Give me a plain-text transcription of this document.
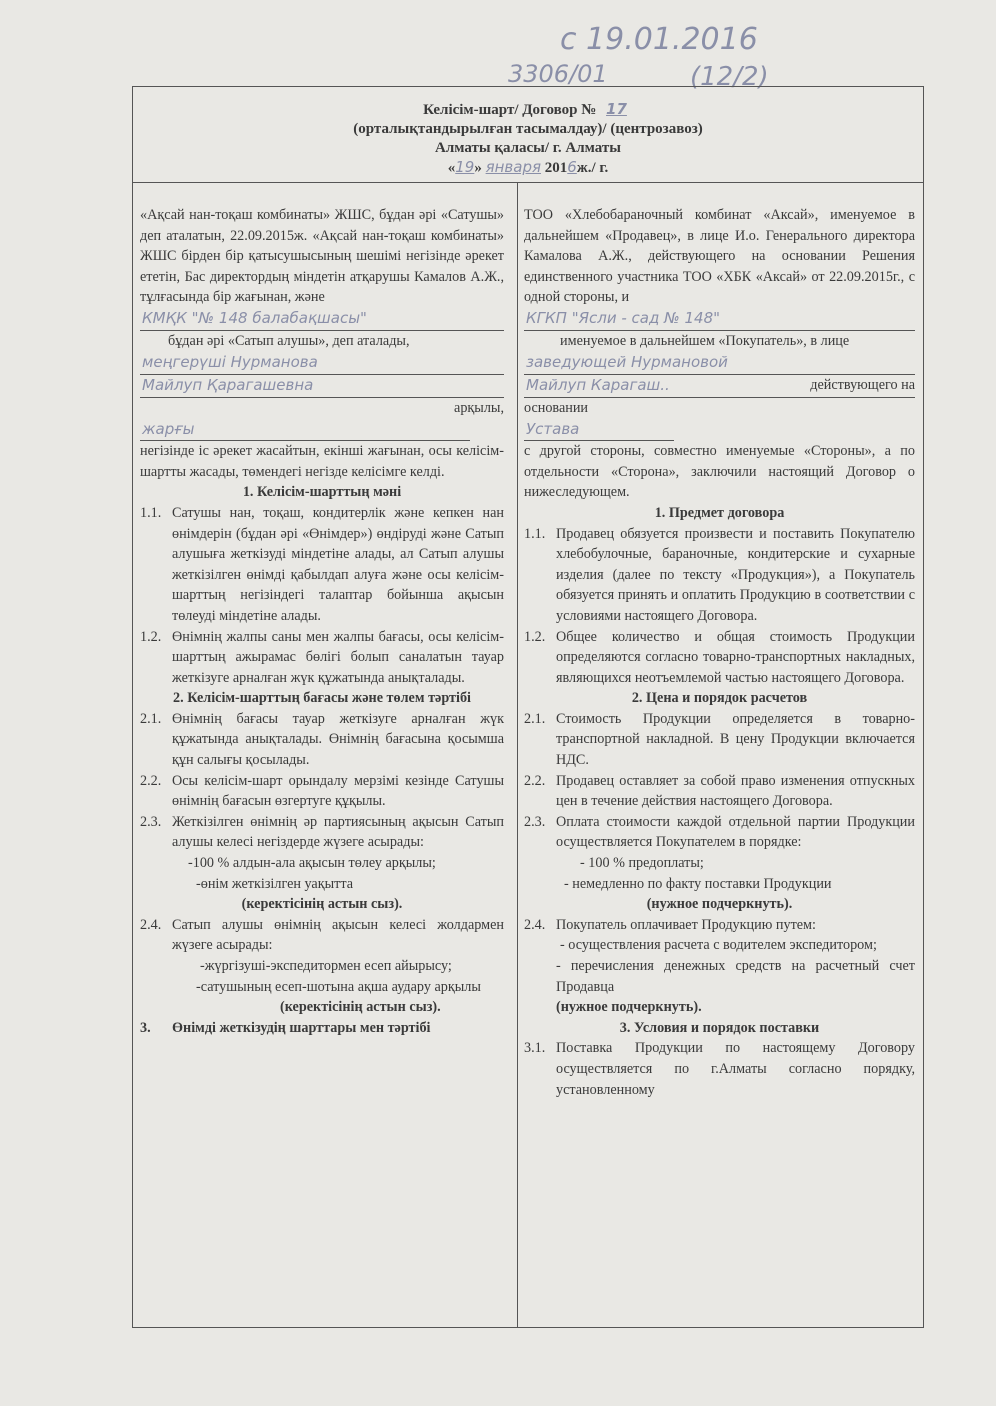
с 19.01.2016
3306/01	(12/2)
Келісім-шарт/ Договор № 17
(орталықтандырылған тасымалдау)/ (центрозавоз)
Алматы қаласы/ г. Алматы
«19» января 2016ж./ г.

«Ақсай нан-тоқаш комбинаты» ЖШС, бұдан әрі «Сатушы» деп аталатын, 22.09.2015ж. «Ақсай нан-тоқаш комбинаты» ЖШС бірден бір қатысушысының шешімі негізінде әрекет ететін, Бас директордың міндетін атқарушы Камалов А.Ж., тұлғасында бір жағынан, және

КМҚК "№ 148 балабақшасы"

бұдан әрі «Сатып алушы», деп аталады,

меңгерүші Нурманова
Майлуп Қарагашевна

арқылы,

жарғы

негізінде іс әрекет жасайтын, екінші жағынан, осы келісім-шартты жасады, төмендегі негізде келісімге келді.

1. Келісім-шарттың мәні

1.1. Сатушы нан, тоқаш, кондитерлік және кепкен нан өнімдерін (бұдан әрі «Өнімдер») өндіруді және Сатып алушыға жеткізуді міндетіне алады, ал Сатып алушы жеткізілген өнімді қабылдап алуға және осы келісім-шарттың негізіндегі талаптар бойынша ақысын төлеуді міндетіне алады.
1.2. Өнімнің жалпы саны мен жалпы бағасы, осы келісім-шарттың ажырамас бөлігі болып саналатын тауар жеткізуге арналған жүк құжатында анықталады.

2. Келісім-шарттың бағасы және төлем тәртібі

2.1. Өнімнің бағасы тауар жеткізуге арналған жүк құжатында анықталады. Өнімнің бағасына қосымша құн салығы қосылады.
2.2. Осы келісім-шарт орындалу мерзімі кезінде Сатушы өнімнің бағасын өзгертуге құқылы.
2.3. Жеткізілген өнімнің әр партиясының ақысын Сатып алушы келесі негіздерде жүзеге асырады:

-100 % алдын-ала ақысын төлеу арқылы;

-өнім жеткізілген уақытта

(керектісінің астын сыз).

2.4. Сатып алушы өнімнің ақысын келесі жолдармен жүзеге асырады:

-жүргізуші-экспедитормен есеп айырысу;

-сатушының есеп-шотына ақша аудару арқылы

(керектісінің астын сыз).

3.	Өнімді жеткізудің шарттары мен тәртібі

ТОО «Хлебобараночный комбинат «Аксай», именуемое в дальнейшем «Продавец», в лице И.о. Генерального директора Камалова А.Ж., действующего на основании Решения единственного участника ТОО «ХБК «Аксай» от 22.09.2015г., с одной стороны, и

КГКП "Ясли - сад № 148"

именуемое в дальнейшем «Покупатель», в лице

заведующей Нурмановой
Майлуп Карагаш..	действующего на

основании

Устава

с другой стороны, совместно именуемые «Стороны», а по отдельности «Сторона», заключили настоящий Договор о нижеследующем.

1. Предмет договора

1.1. Продавец обязуется произвести и поставить Покупателю хлебобулочные, бараночные, кондитерские и сухарные изделия (далее по тексту «Продукция»), а Покупатель обязуется принять и оплатить Продукцию в соответствии с условиями настоящего Договора.
1.2. Общее количество и общая стоимость Продукции определяются согласно товарно-транспортных накладных, являющихся неотъемлемой частью настоящего Договора.

2. Цена и порядок расчетов

2.1. Стоимость Продукции определяется в товарно-транспортной накладной. В цену Продукции включается НДС.
2.2. Продавец оставляет за собой право изменения отпускных цен в течение действия настоящего Договора.
2.3. Оплата стоимости каждой отдельной партии Продукции осуществляется Покупателем в порядке:

- 100 % предоплаты;

- немедленно по факту поставки Продукции

(нужное подчеркнуть).

2.4. Покупатель оплачивает Продукцию путем:

- осуществления расчета с водителем экспедитором;

- перечисления денежных средств на расчетный счет Продавца

(нужное подчеркнуть).

3. Условия и порядок поставки

3.1. Поставка Продукции по настоящему Договору осуществляется по г.Алматы согласно порядку, установленному
